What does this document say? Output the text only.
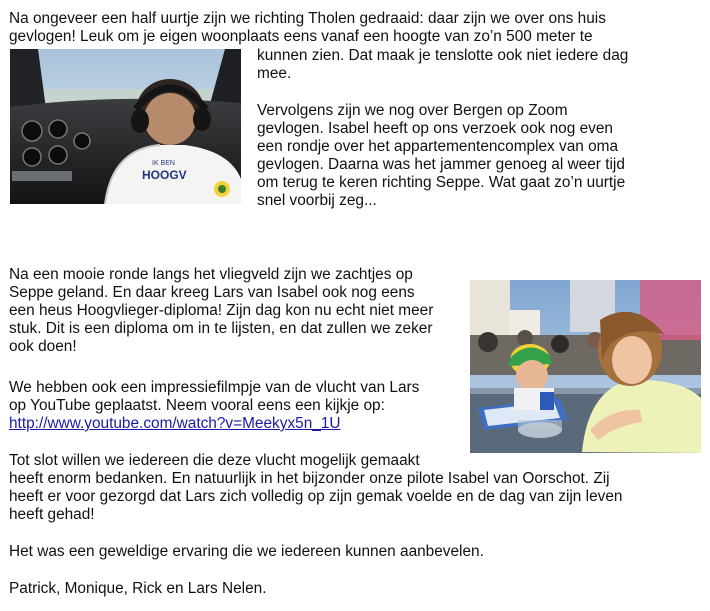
Na ongeveer een half uurtje zijn we richting Tholen gedraaid: daar zijn we over ons huis
gevlogen! Leuk om je eigen woonplaats eens vanaf een hoogte van zo’n 500 meter te
kunnen zien. Dat maak je tenslotte ook niet iedere dag
mee.
IK BEN
HOOGV
Vervolgens zijn we nog over Bergen op Zoom
gevlogen. Isabel heeft op ons verzoek ook nog even
een rondje over het appartementencomplex van oma
gevlogen. Daarna was het jammer genoeg al weer tijd
om terug te keren richting Seppe. Wat gaat zo’n uurtje
snel voorbij zeg...
Na een mooie ronde langs het vliegveld zijn we zachtjes op
Seppe geland. En daar kreeg Lars van Isabel ook nog eens
een heus Hoogvlieger-diploma! Zijn dag kon nu echt niet meer
stuk. Dit is een diploma om in te lijsten, en dat zullen we zeker
ook doen!
We hebben ook een impressiefilmpje van de vlucht van Lars
op YouTube geplaatst. Neem vooral eens een kijkje op:
http://www.youtube.com/watch?v=Meekyx5n_1U
Tot slot willen we iedereen die deze vlucht mogelijk gemaakt
heeft enorm bedanken. En natuurlijk in het bijzonder onze pilote Isabel van Oorschot. Zij
heeft er voor gezorgd dat Lars zich volledig op zijn gemak voelde en de dag van zijn leven
heeft gehad!
Het was een geweldige ervaring die we iedereen kunnen aanbevelen.
Patrick, Monique, Rick en Lars Nelen.
